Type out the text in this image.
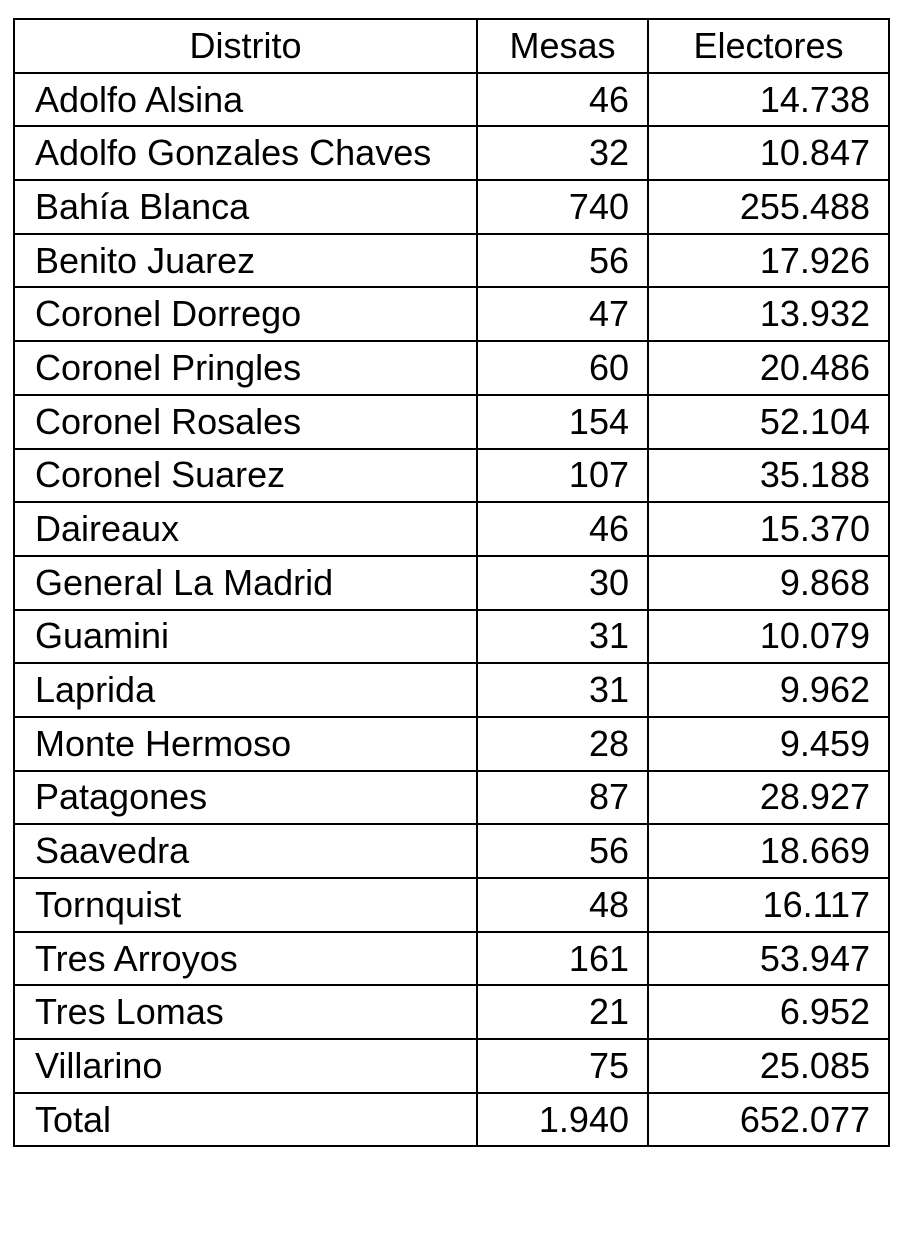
Distrito	Mesas	Electores
Adolfo Alsina	46	14.738
Adolfo Gonzales Chaves	32	10.847
Bahía Blanca	740	255.488
Benito Juarez	56	17.926
Coronel Dorrego	47	13.932
Coronel Pringles	60	20.486
Coronel Rosales	154	52.104
Coronel Suarez	107	35.188
Daireaux	46	15.370
General La Madrid	30	9.868
Guamini	31	10.079
Laprida	31	9.962
Monte Hermoso	28	9.459
Patagones	87	28.927
Saavedra	56	18.669
Tornquist	48	16.117
Tres Arroyos	161	53.947
Tres Lomas	21	6.952
Villarino	75	25.085
Total	1.940	652.077
